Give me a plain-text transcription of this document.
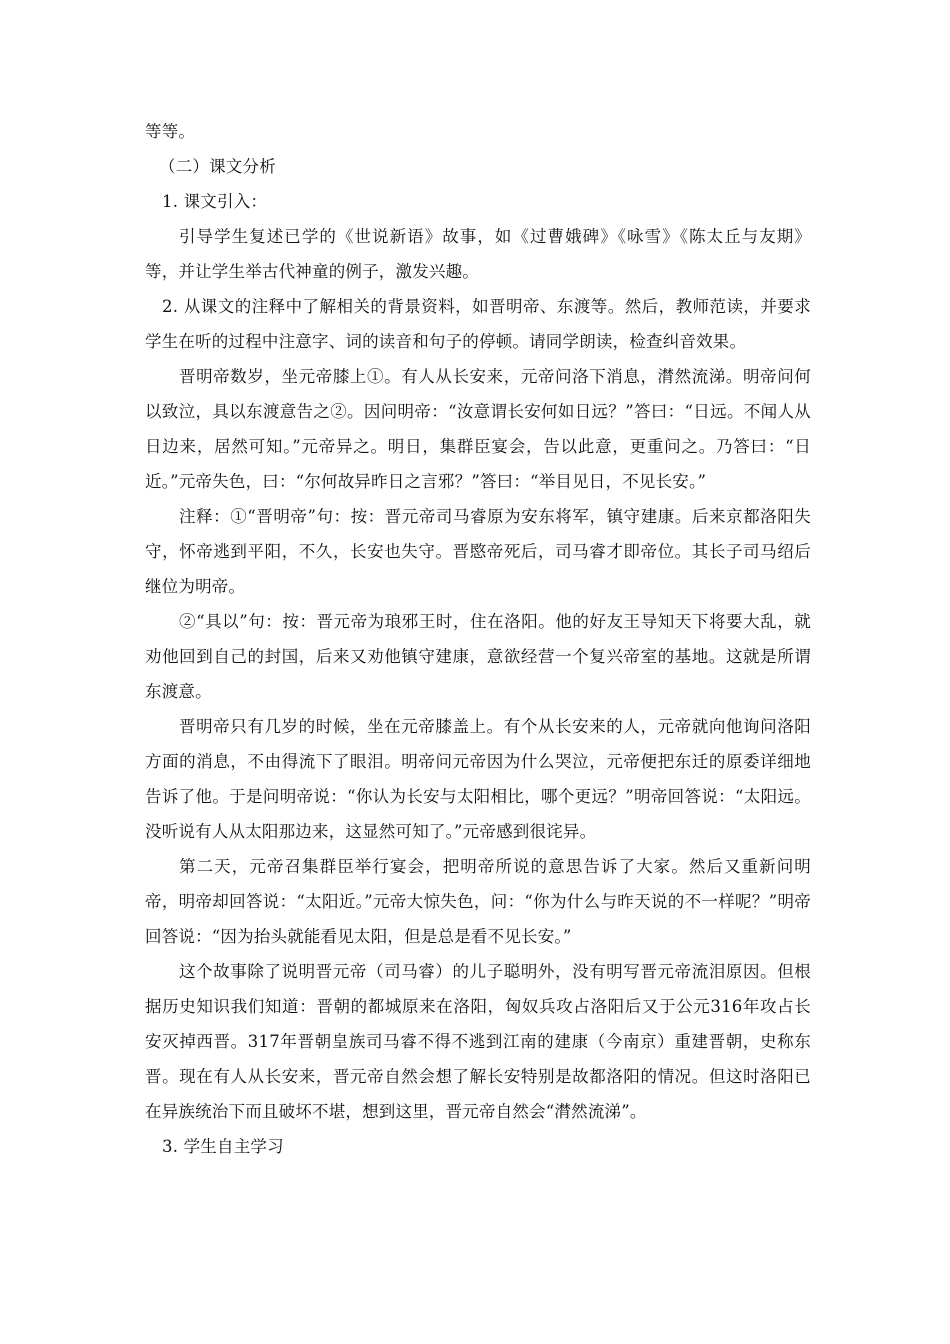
等等。

（二）课文分析

1. 课文引入：

引导学生复述已学的《世说新语》故事，如《过曹娥碑》《咏雪》《陈太丘与友期》等，并让学生举古代神童的例子，激发兴趣。

2. 从课文的注释中了解相关的背景资料，如晋明帝、东渡等。然后，教师范读，并要求学生在听的过程中注意字、词的读音和句子的停顿。请同学朗读，检查纠音效果。

晋明帝数岁，坐元帝膝上①。有人从长安来，元帝问洛下消息，潸然流涕。明帝问何以致泣，具以东渡意告之②。因问明帝：“汝意谓长安何如日远？”答曰：“日远。不闻人从日边来，居然可知。”元帝异之。明日，集群臣宴会，告以此意，更重问之。乃答曰：“日近。”元帝失色，曰：“尔何故异昨日之言邪？”答曰：“举目见日，不见长安。”

注释：①“晋明帝”句：按：晋元帝司马睿原为安东将军，镇守建康。后来京都洛阳失守，怀帝逃到平阳，不久，长安也失守。晋愍帝死后，司马睿才即帝位。其长子司马绍后继位为明帝。

②“具以”句：按：晋元帝为琅邪王时，住在洛阳。他的好友王导知天下将要大乱，就劝他回到自己的封国，后来又劝他镇守建康，意欲经营一个复兴帝室的基地。这就是所谓东渡意。

晋明帝只有几岁的时候，坐在元帝膝盖上。有个从长安来的人，元帝就向他询问洛阳方面的消息，不由得流下了眼泪。明帝问元帝因为什么哭泣，元帝便把东迁的原委详细地告诉了他。于是问明帝说：“你认为长安与太阳相比，哪个更远？”明帝回答说：“太阳远。没听说有人从太阳那边来，这显然可知了。”元帝感到很诧异。

第二天，元帝召集群臣举行宴会，把明帝所说的意思告诉了大家。然后又重新问明帝，明帝却回答说：“太阳近。”元帝大惊失色，问：“你为什么与昨天说的不一样呢？”明帝回答说：“因为抬头就能看见太阳，但是总是看不见长安。”

这个故事除了说明晋元帝（司马睿）的儿子聪明外，没有明写晋元帝流泪原因。但根据历史知识我们知道：晋朝的都城原来在洛阳，匈奴兵攻占洛阳后又于公元316年攻占长安灭掉西晋。317年晋朝皇族司马睿不得不逃到江南的建康（今南京）重建晋朝，史称东晋。现在有人从长安来，晋元帝自然会想了解长安特别是故都洛阳的情况。但这时洛阳已在异族统治下而且破坏不堪，想到这里，晋元帝自然会“潸然流涕”。

3. 学生自主学习
